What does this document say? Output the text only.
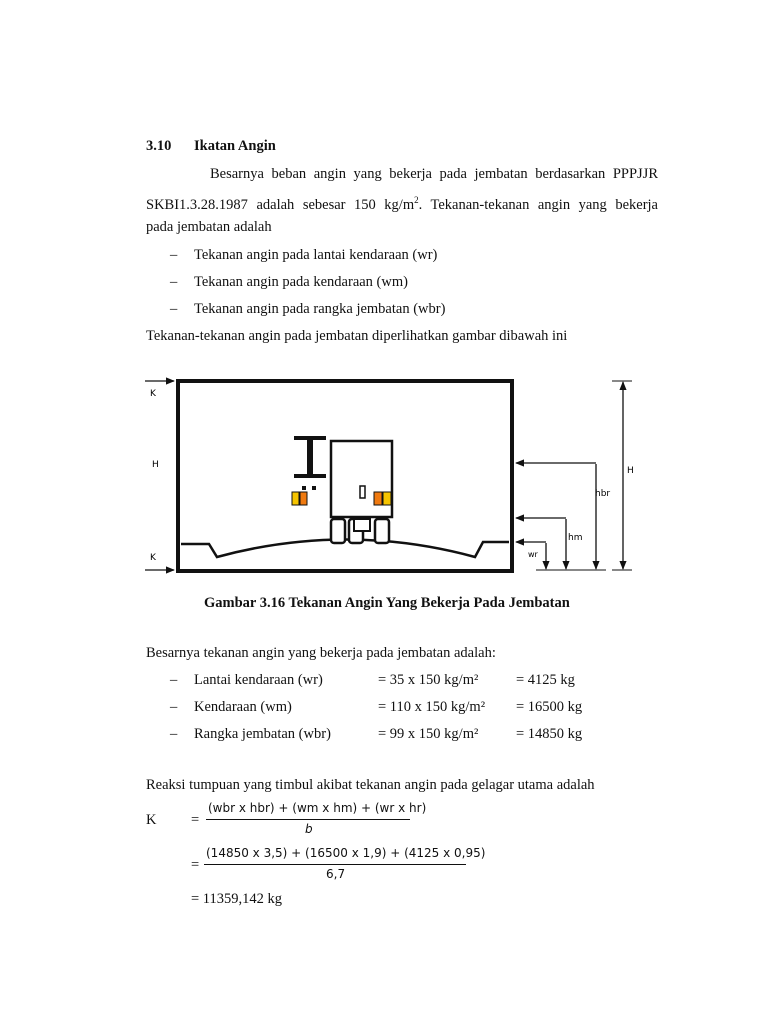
3.10 Ikatan Angin
Besarnya beban angin yang bekerja pada jembatan berdasarkan PPPJJR
SKBI1.3.28.1987 adalah sebesar 150 $kg/m^2$. Tekanan-tekanan angin yang bekerja
pada jembatan adalah
– Tekanan angin pada lantai kendaraan (wr)
– Tekanan angin pada kendaraan (wm)
– Tekanan angin pada rangka jembatan (wbr)
Tekanan-tekanan angin pada jembatan diperlihatkan gambar dibawah ini
K
H
K
H
hbr
hm
wr
Gambar 3.16 Tekanan Angin Yang Bekerja Pada Jembatan
Besarnya tekanan angin yang bekerja pada jembatan adalah:
– Lantai kendaraan (wr)	= 35 x 150 kg/m²	= 4125 kg
– Kendaraan (wm)	= 110 x 150 kg/m² = 16500 kg
– Rangka jembatan (wbr)	= 99 x 150 kg/m²	= 14850 kg
Reaksi tumpuan yang timbul akibat tekanan angin pada gelagar utama adalah
K =
(wbr x hbr) + (wm x hm) + (wr x hr)
b
=
(14850 x 3,5) + (16500 x 1,9) + (4125 x 0,95)
6,7
= 11359,142 kg
